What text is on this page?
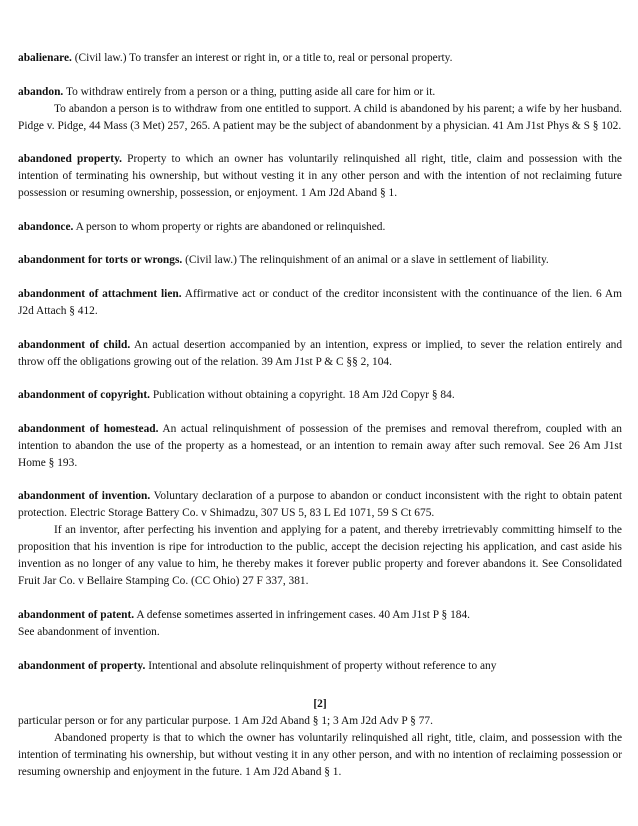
abalienare. (Civil law.) To transfer an interest or right in, or a title to, real or personal property.

abandon. To withdraw entirely from a person or a thing, putting aside all care for him or it.

To abandon a person is to withdraw from one entitled to support. A child is abandoned by his parent; a wife by her husband. Pidge v. Pidge, 44 Mass (3 Met) 257, 265. A patient may be the subject of abandonment by a physician. 41 Am J1st Phys & S § 102.

abandoned property. Property to which an owner has voluntarily relinquished all right, title, claim and possession with the intention of terminating his ownership, but without vesting it in any other person and with the intention of not reclaiming future possession or resuming ownership, possession, or enjoyment. 1 Am J2d Aband § 1.

abandonce. A person to whom property or rights are abandoned or relinquished.

abandonment for torts or wrongs. (Civil law.) The relinquishment of an animal or a slave in settlement of liability.

abandonment of attachment lien. Affirmative act or conduct of the creditor inconsistent with the continuance of the lien. 6 Am J2d Attach § 412.

abandonment of child. An actual desertion accompanied by an intention, express or implied, to sever the relation entirely and throw off the obligations growing out of the relation. 39 Am J1st P & C §§ 2, 104.

abandonment of copyright. Publication without obtaining a copyright. 18 Am J2d Copyr § 84.

abandonment of homestead. An actual relinquishment of possession of the premises and removal therefrom, coupled with an intention to abandon the use of the property as a homestead, or an intention to remain away after such removal. See 26 Am J1st Home § 193.

abandonment of invention. Voluntary declaration of a purpose to abandon or conduct inconsistent with the right to obtain patent protection. Electric Storage Battery Co. v Shimadzu, 307 US 5, 83 L Ed 1071, 59 S Ct 675.

If an inventor, after perfecting his invention and applying for a patent, and thereby irretrievably committing himself to the proposition that his invention is ripe for introduction to the public, accept the decision rejecting his application, and cast aside his invention as no longer of any value to him, he thereby makes it forever public property and forever abandons it. See Consolidated Fruit Jar Co. v Bellaire Stamping Co. (CC Ohio) 27 F 337, 381.

abandonment of patent. A defense sometimes asserted in infringement cases. 40 Am J1st P § 184.

See abandonment of invention.

abandonment of property. Intentional and absolute relinquishment of property without reference to any

[2]

particular person or for any particular purpose. 1 Am J2d Aband § 1; 3 Am J2d Adv P § 77.

Abandoned property is that to which the owner has voluntarily relinquished all right, title, claim, and possession with the intention of terminating his ownership, but without vesting it in any other person, and with no intention of reclaiming possession or resuming ownership and enjoyment in the future. 1 Am J2d Aband § 1.
